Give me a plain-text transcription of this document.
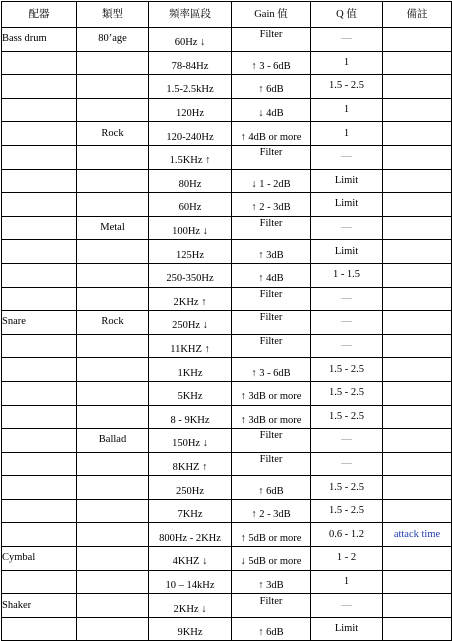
配器	類型	頻率區段	Gain 值	Q 值	備註
Bass drum	80’age	60Hz ↓	Filter	—	
		78-84Hz	↑ 3 - 6dB	1	
		1.5-2.5kHz	↑ 6dB	1.5 - 2.5	
		120Hz	↓ 4dB	1	
	Rock	120-240Hz	↑ 4dB or more	1	
		1.5KHz ↑	Filter	—	
		80Hz	↓ 1 - 2dB	Limit	
		60Hz	↑ 2 - 3dB	Limit	
	Metal	100Hz ↓	Filter	—	
		125Hz	↑ 3dB	Limit	
		250-350Hz	↑ 4dB	1 - 1.5	
		2KHz ↑	Filter	—	
Snare	Rock	250Hz ↓	Filter	—	
		11KHZ ↑	Filter	—	
		1KHz	↑ 3 - 6dB	1.5 - 2.5	
		5KHz	↑ 3dB or more	1.5 - 2.5	
		8 - 9KHz	↑ 3dB or more	1.5 - 2.5	
	Ballad	150Hz ↓	Filter	—	
		8KHZ ↑	Filter	—	
		250Hz	↑ 6dB	1.5 - 2.5	
		7KHz	↑ 2 - 3dB	1.5 - 2.5	
		800Hz - 2KHz	↑ 5dB or more	0.6 - 1.2	attack time
Cymbal		4KHZ ↓	↓ 5dB or more	1 - 2	
		10 – 14kHz	↑ 3dB	1	
Shaker		2KHz ↓	Filter	—	
		9KHz	↑ 6dB	Limit	
